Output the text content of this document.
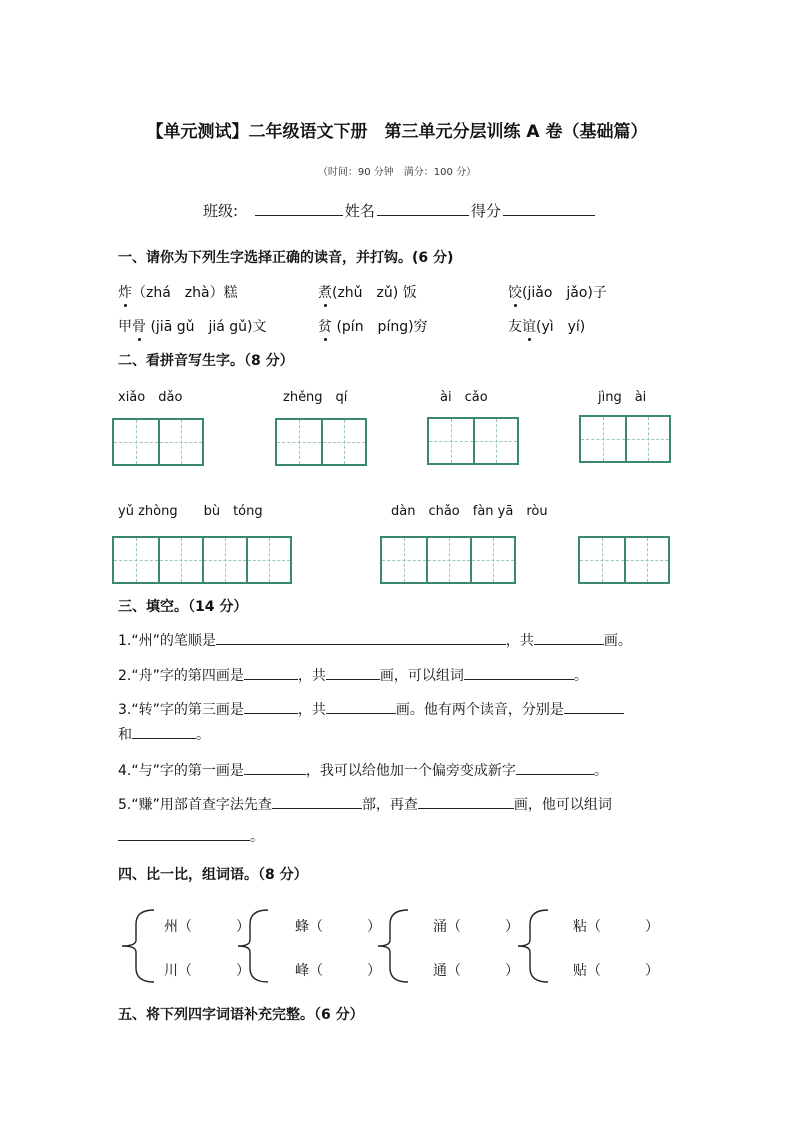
【单元测试】二年级语文下册　第三单元分层训练 A 卷（基础篇）
（时间：90 分钟　满分：100 分）
班级:	姓名	得分
一、请你为下列生字选择正确的读音，并打钩。(6 分)
炸（zhá　zhà）糕	煮(zhǔ　zǔ) 饭	饺(jiǎo　jǎo)子
甲骨 (jiā gǔ　jiá gǔ)文	贫 (pín　píng)穷	友谊(yì　yí)
二、看拼音写生字。（8 分）
xiǎo　dǎo	zhěng　qí	ài　cǎo	jìng　ài
yǔ zhòng　　bù　tóng	dàn　chǎo　fàn yā　ròu
三、填空。（14 分）
1.“州”的笔顺是	，共	画。
2.“舟”字的第四画是	，共	画，可以组词	。
3.“转”字的第三画是	，共	画。他有两个读音，分别是
和	。
4.“与”字的第一画是	，我可以给他加一个偏旁变成新字	。
5.“赚”用部首查字法先查	部，再查	画，他可以组词
。
四、比一比，组词语。（8 分）
州（	）
川（	）
蜂（	）
峰（	）
涌（	）
通（	）
粘（	）
贴（	）
五、将下列四字词语补充完整。（6 分）
